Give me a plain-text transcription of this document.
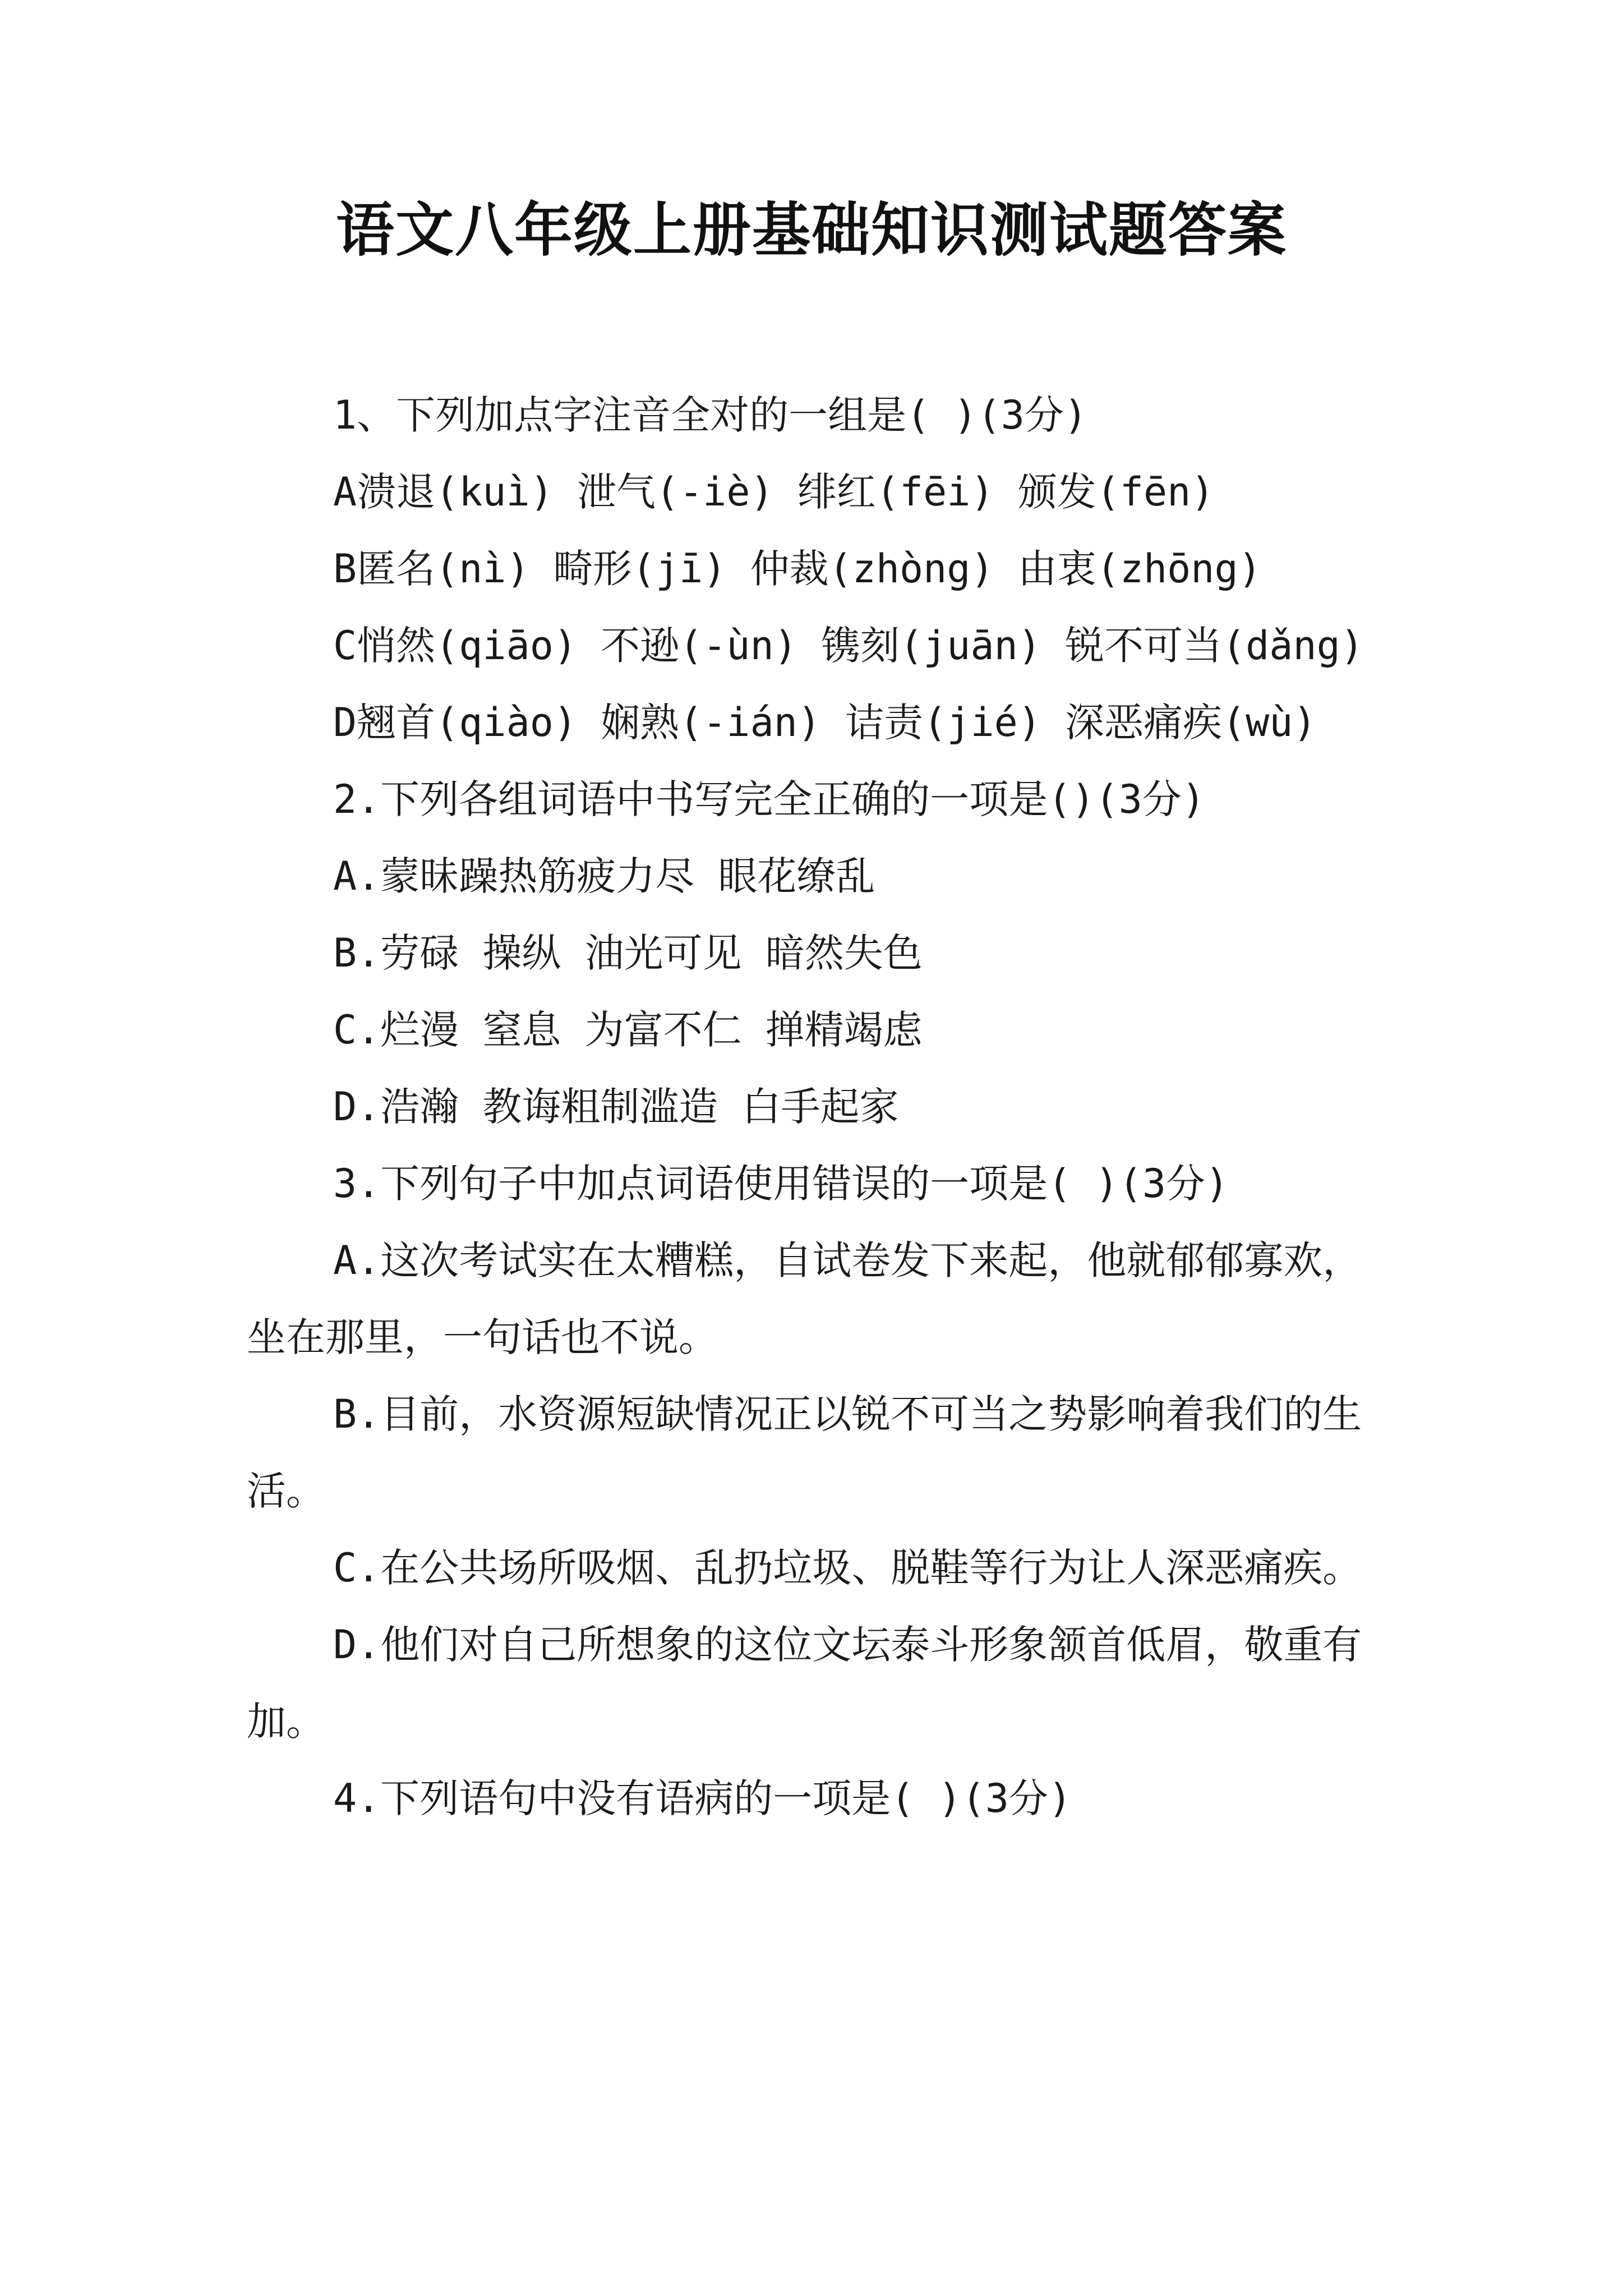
语文八年级上册基础知识测试题答案

1、下列加点字注音全对的一组是( )(3分)

A溃退(kuì) 泄气(-iè) 绯红(fēi) 颁发(fēn)

B匿名(nì) 畸形(jī) 仲裁(zhòng) 由衷(zhōng)

C悄然(qiāo) 不逊(-ùn) 镌刻(juān) 锐不可当(dǎng)

D翘首(qiào) 娴熟(-ián) 诘责(jié) 深恶痛疾(wù)

2.下列各组词语中书写完全正确的一项是()(3分)

A.蒙昧躁热筋疲力尽 眼花缭乱

B.劳碌 操纵 油光可见 暗然失色

C.烂漫 窒息 为富不仁 掸精竭虑

D.浩瀚 教诲粗制滥造 白手起家

3.下列句子中加点词语使用错误的一项是( )(3分)

A.这次考试实在太糟糕，自试卷发下来起，他就郁郁寡欢，坐在那里，一句话也不说。

B.目前，水资源短缺情况正以锐不可当之势影响着我们的生活。

C.在公共场所吸烟、乱扔垃圾、脱鞋等行为让人深恶痛疾。

D.他们对自己所想象的这位文坛泰斗形象颔首低眉，敬重有加。

4.下列语句中没有语病的一项是( )(3分)
